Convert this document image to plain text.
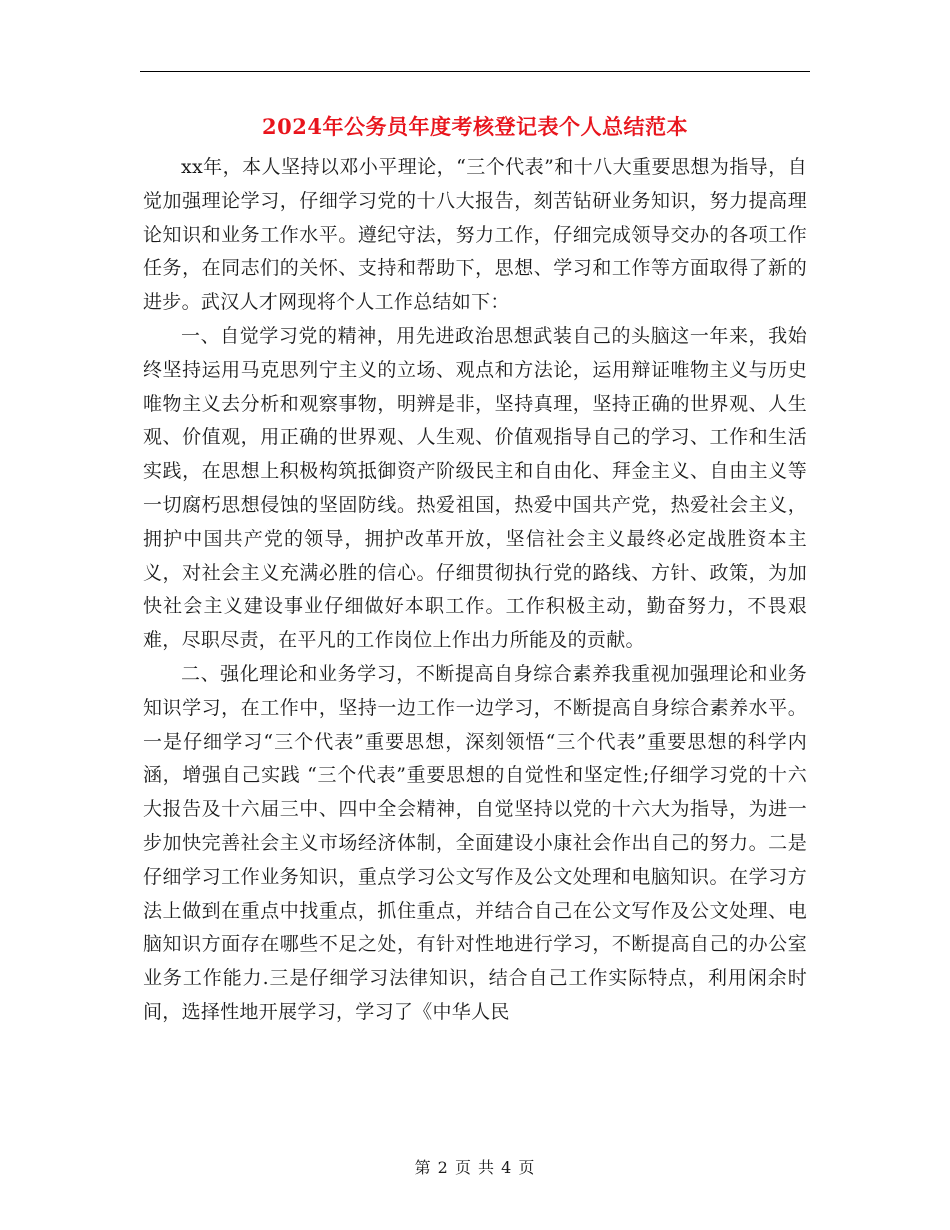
2024年公务员年度考核登记表个人总结范本

xx年，本人坚持以邓小平理论，“三个代表”和十八大重要思想为指导，自觉加强理论学习，仔细学习党的十八大报告，刻苦钻研业务知识，努力提高理论知识和业务工作水平。遵纪守法，努力工作，仔细完成领导交办的各项工作任务，在同志们的关怀、支持和帮助下，思想、学习和工作等方面取得了新的进步。武汉人才网现将个人工作总结如下：

一、自觉学习党的精神，用先进政治思想武装自己的头脑这一年来，我始终坚持运用马克思列宁主义的立场、观点和方法论，运用辩证唯物主义与历史唯物主义去分析和观察事物，明辨是非，坚持真理，坚持正确的世界观、人生观、价值观，用正确的世界观、人生观、价值观指导自己的学习、工作和生活实践，在思想上积极构筑抵御资产阶级民主和自由化、拜金主义、自由主义等一切腐朽思想侵蚀的坚固防线。热爱祖国，热爱中国共产党，热爱社会主义，拥护中国共产党的领导，拥护改革开放，坚信社会主义最终必定战胜资本主义，对社会主义充满必胜的信心。仔细贯彻执行党的路线、方针、政策，为加快社会主义建设事业仔细做好本职工作。工作积极主动，勤奋努力，不畏艰难，尽职尽责，在平凡的工作岗位上作出力所能及的贡献。

二、强化理论和业务学习，不断提高自身综合素养我重视加强理论和业务知识学习，在工作中，坚持一边工作一边学习，不断提高自身综合素养水平。一是仔细学习“三个代表”重要思想，深刻领悟“三个代表”重要思想的科学内涵，增强自己实践 “三个代表”重要思想的自觉性和坚定性;仔细学习党的十六大报告及十六届三中、四中全会精神，自觉坚持以党的十六大为指导，为进一步加快完善社会主义市场经济体制，全面建设小康社会作出自己的努力。二是仔细学习工作业务知识，重点学习公文写作及公文处理和电脑知识。在学习方法上做到在重点中找重点，抓住重点，并结合自己在公文写作及公文处理、电脑知识方面存在哪些不足之处，有针对性地进行学习，不断提高自己的办公室业务工作能力.三是仔细学习法律知识，结合自己工作实际特点，利用闲余时间，选择性地开展学习，学习了《中华人民

第 2 页 共 4 页
